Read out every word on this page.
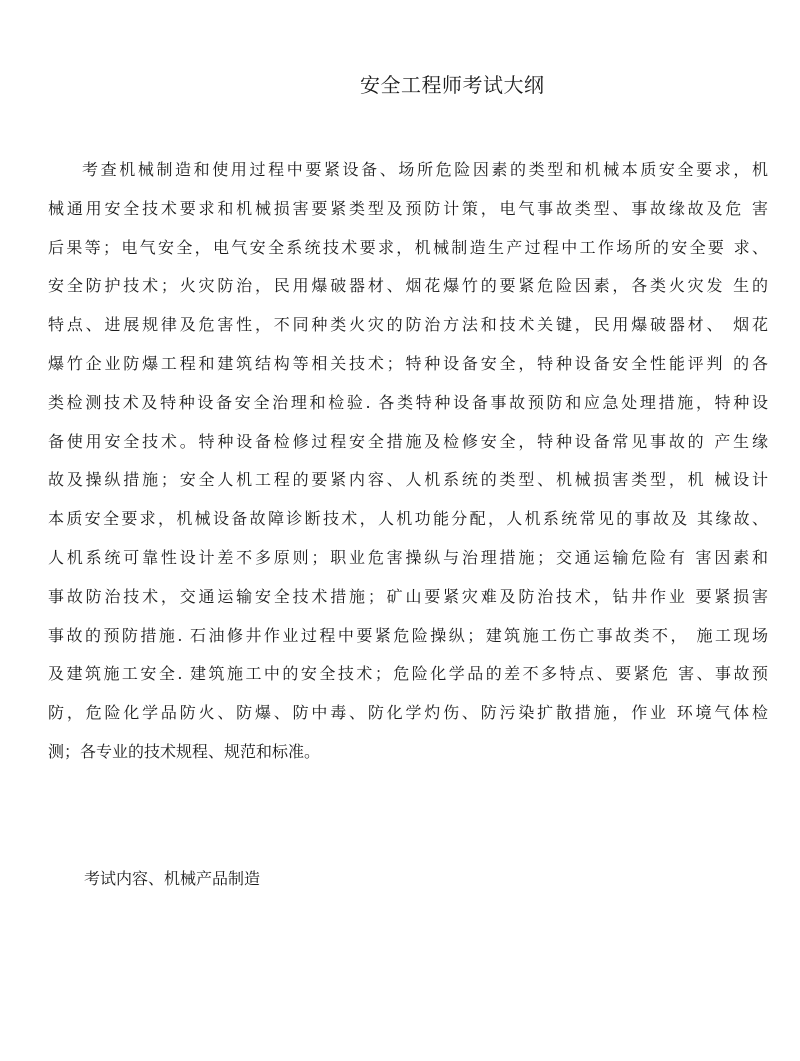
安全工程师考试大纲
考查机械制造和使用过程中要紧设备、场所危险因素的类型和机械本质安全要求，机
械通用安全技术要求和机械损害要紧类型及预防计策，电气事故类型、事故缘故及危 害
后果等；电气安全，电气安全系统技术要求，机械制造生产过程中工作场所的安全要 求、
安全防护技术；火灾防治，民用爆破器材、烟花爆竹的要紧危险因素，各类火灾发 生的
特点、进展规律及危害性，不同种类火灾的防治方法和技术关键，民用爆破器材、 烟花
爆竹企业防爆工程和建筑结构等相关技术；特种设备安全，特种设备安全性能评判 的各
类检测技术及特种设备安全治理和检验. 各类特种设备事故预防和应急处理措施，特种设
备使用安全技术。特种设备检修过程安全措施及检修安全，特种设备常见事故的 产生缘
故及操纵措施；安全人机工程的要紧内容、人机系统的类型、机械损害类型，机 械设计
本质安全要求，机械设备故障诊断技术，人机功能分配，人机系统常见的事故及 其缘故、
人机系统可靠性设计差不多原则；职业危害操纵与治理措施；交通运输危险有 害因素和
事故防治技术，交通运输安全技术措施；矿山要紧灾难及防治技术，钻井作业 要紧损害
事故的预防措施. 石油修井作业过程中要紧危险操纵；建筑施工伤亡事故类不， 施工现场
及建筑施工安全. 建筑施工中的安全技术；危险化学品的差不多特点、要紧危 害、事故预
防，危险化学品防火、防爆、防中毒、防化学灼伤、防污染扩散措施，作业 环境气体检
测；各专业的技术规程、规范和标准。
考试内容、机械产品制造
